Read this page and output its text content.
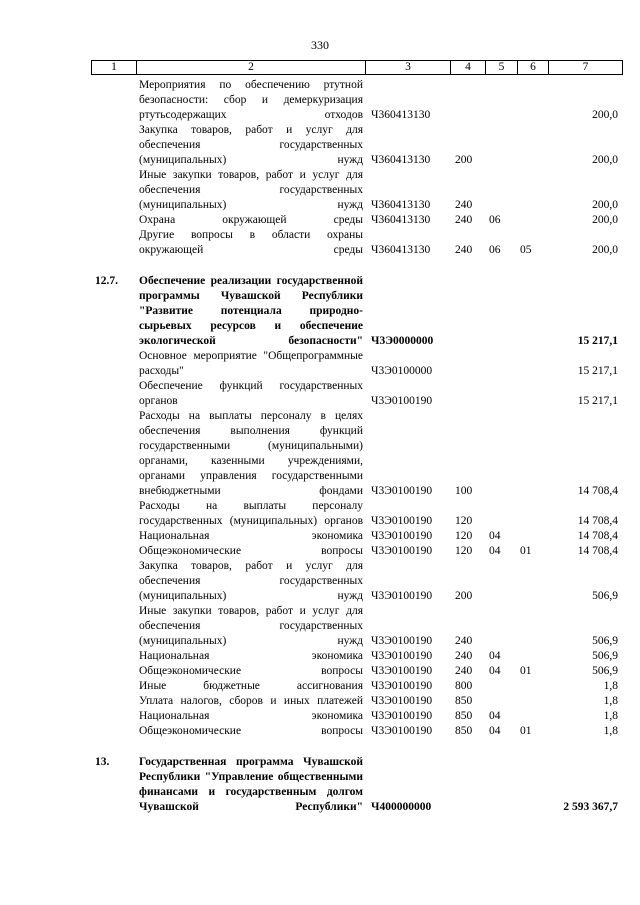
330
1	2	3	4	5	6	7
	Мероприятия по обеспечению ртутной безопасности: сбор и демеркуризация ртутьсодержащих отходов	Ч360413130				200,0
	Закупка товаров, работ и услуг для обеспечения государственных (муниципальных) нужд	Ч360413130	200			200,0
	Иные закупки товаров, работ и услуг для обеспечения государственных (муниципальных) нужд	Ч360413130	240			200,0
	Охрана окружающей среды	Ч360413130	240	06		200,0
	Другие вопросы в области охраны окружающей среды	Ч360413130	240	06	05	200,0

12.7.	Обеспечение реализации государственной программы Чувашской Республики "Развитие потенциала природно-сырьевых ресурсов и обеспечение экологической безопасности"	Ч3Э0000000				15 217,1
	Основное мероприятие "Общепрограммные расходы"	Ч3Э0100000				15 217,1
	Обеспечение функций государственных органов	Ч3Э0100190				15 217,1
	Расходы на выплаты персоналу в целях обеспечения выполнения функций государственными (муниципальными) органами, казенными учреждениями, органами управления государственными внебюджетными фондами	Ч3Э0100190	100			14 708,4
	Расходы на выплаты персоналу государственных (муниципальных) органов	Ч3Э0100190	120			14 708,4
	Национальная экономика	Ч3Э0100190	120	04		14 708,4
	Общеэкономические вопросы	Ч3Э0100190	120	04	01	14 708,4
	Закупка товаров, работ и услуг для обеспечения государственных (муниципальных) нужд	Ч3Э0100190	200			506,9
	Иные закупки товаров, работ и услуг для обеспечения государственных (муниципальных) нужд	Ч3Э0100190	240			506,9
	Национальная экономика	Ч3Э0100190	240	04		506,9
	Общеэкономические вопросы	Ч3Э0100190	240	04	01	506,9
	Иные бюджетные ассигнования	Ч3Э0100190	800			1,8
	Уплата налогов, сборов и иных платежей	Ч3Э0100190	850			1,8
	Национальная экономика	Ч3Э0100190	850	04		1,8
	Общеэкономические вопросы	Ч3Э0100190	850	04	01	1,8

13.	Государственная программа Чувашской Республики "Управление общественными финансами и государственным долгом Чувашской Республики"	Ч400000000				2 593 367,7
